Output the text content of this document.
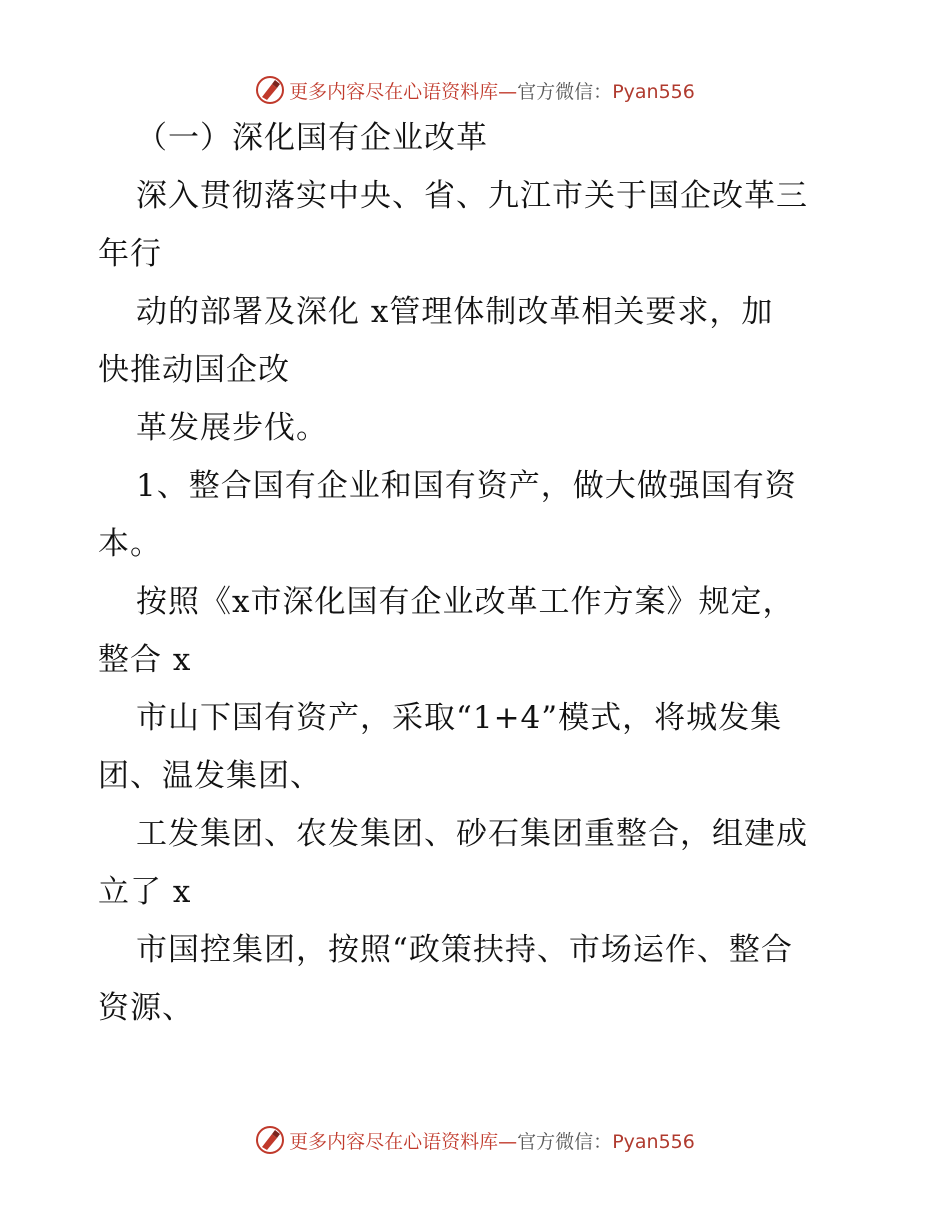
更多内容尽在心语资料库—官方微信：Pyan556
（一）深化国有企业改革
深入贯彻落实中央、省、九江市关于国企改革三
年行
动的部署及深化 x管理体制改革相关要求，加
快推动国企改
革发展步伐。
1、整合国有企业和国有资产，做大做强国有资
本。
按照《x市深化国有企业改革工作方案》规定，
整合 x
市山下国有资产，采取“1+4”模式，将城发集
团、温发集团、
工发集团、农发集团、砂石集团重整合，组建成
立了 x
市国控集团，按照“政策扶持、市场运作、整合
资源、
更多内容尽在心语资料库—官方微信：Pyan556
